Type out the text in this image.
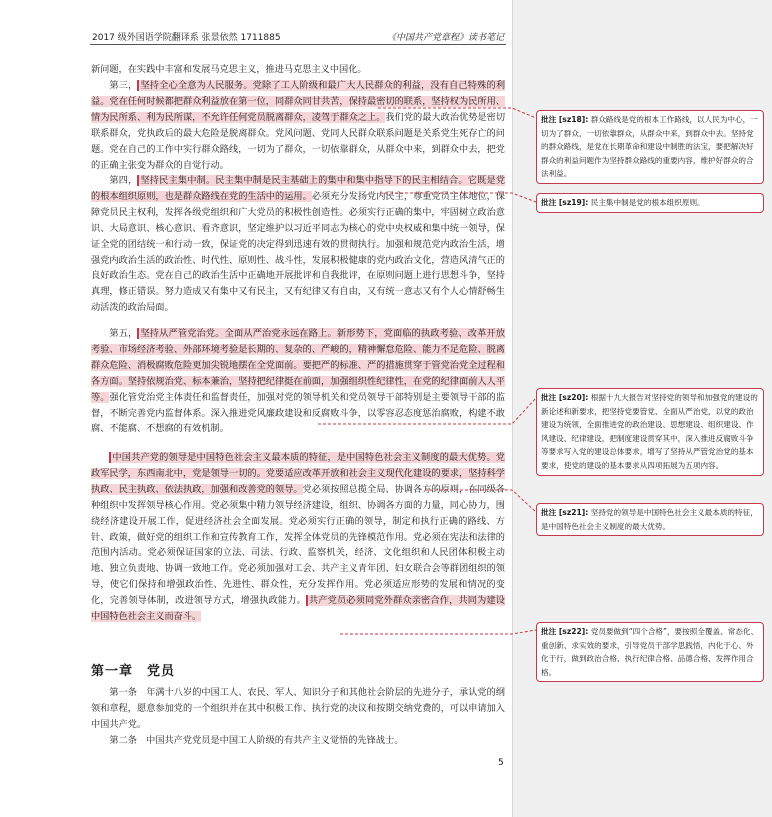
2017 级外国语学院翻译系 张景依然 1711885	《中国共产党章程》读书笔记

新问题，在实践中丰富和发展马克思主义，推进马克思主义中国化。

第三， 坚持全心全意为人民服务。党除了工人阶级和最广大人民群众的利益，没有自己特殊的利益。党在任何时候都把群众利益放在第一位，同群众同甘共苦，保持最密切的联系，坚持权为民所用、情为民所系、利为民所谋，不允许任何党员脱离群众，凌驾于群众之上。我们党的最大政治优势是密切联系群众，党执政后的最大危险是脱离群众。党风问题、党同人民群众联系问题是关系党生死存亡的问题。党在自己的工作中实行群众路线，一切为了群众，一切依靠群众，从群众中来，到群众中去，把党的正确主张变为群众的自觉行动。

第四， 坚持民主集中制。民主集中制是民主基础上的集中和集中指导下的民主相结合。它既是党的根本组织原则，也是群众路线在党的生活中的运用。必须充分发扬党内民主，尊重党员主体地位，保障党员民主权利，发挥各级党组织和广大党员的积极性创造性。必须实行正确的集中，牢固树立政治意识、大局意识、核心意识、看齐意识，坚定维护以习近平同志为核心的党中央权威和集中统一领导，保证全党的团结统一和行动一致，保证党的决定得到迅速有效的贯彻执行。加强和规范党内政治生活，增强党内政治生活的政治性、时代性、原则性、战斗性，发展积极健康的党内政治文化，营造风清气正的良好政治生态。党在自己的政治生活中正确地开展批评和自我批评，在原则问题上进行思想斗争，坚持真理，修正错误。努力造成又有集中又有民主，又有纪律又有自由，又有统一意志又有个人心情舒畅生动活泼的政治局面。

第五， 坚持从严管党治党。全面从严治党永远在路上。新形势下，党面临的执政考验、改革开放考验、市场经济考验、外部环境考验是长期的、复杂的、严峻的，精神懈怠危险、能力不足危险、脱离群众危险、消极腐败危险更加尖锐地摆在全党面前。要把严的标准、严的措施贯穿于管党治党全过程和各方面。坚持依规治党、标本兼治，坚持把纪律挺在前面，加强组织性纪律性，在党的纪律面前人人平等。强化管党治党主体责任和监督责任，加强对党的领导机关和党员领导干部特别是主要领导干部的监督，不断完善党内监督体系。深入推进党风廉政建设和反腐败斗争，以零容忍态度惩治腐败，构建不敢腐、不能腐、不想腐的有效机制。

中国共产党的领导是中国特色社会主义最本质的特征，是中国特色社会主义制度的最大优势。党政军民学，东西南北中，党是领导一切的。党要适应改革开放和社会主义现代化建设的要求，坚持科学执政、民主执政、依法执政，加强和改善党的领导。党必须按照总揽全局、协调各方的原则，在同级各种组织中发挥领导核心作用。党必须集中精力领导经济建设，组织、协调各方面的力量，同心协力，围绕经济建设开展工作，促进经济社会全面发展。党必须实行正确的领导，制定和执行正确的路线、方针、政策，做好党的组织工作和宣传教育工作，发挥全体党员的先锋模范作用。党必须在宪法和法律的范围内活动。党必须保证国家的立法、司法、行政、监察机关，经济、文化组织和人民团体积极主动地、独立负责地、协调一致地工作。党必须加强对工会、共产主义青年团、妇女联合会等群团组织的领导，使它们保持和增强政治性、先进性、群众性，充分发挥作用。党必须适应形势的发展和情况的变化，完善领导体制，改进领导方式，增强执政能力。 共产党员必须同党外群众亲密合作，共同为建设中国特色社会主义而奋斗。

第一章　党员

第一条　年满十八岁的中国工人、农民、军人、知识分子和其他社会阶层的先进分子，承认党的纲领和章程，愿意参加党的一个组织并在其中积极工作、执行党的决议和按期交纳党费的，可以申请加入中国共产党。

第二条　中国共产党党员是中国工人阶级的有共产主义觉悟的先锋战士。

5
批注 [sz18]: 群众路线是党的根本工作路线，以人民为中心，一切为了群众，一切依靠群众，从群众中来，到群众中去。坚持党的群众路线，是党在长期革命和建设中制胜的法宝，要把解决好群众的利益问题作为坚持群众路线的重要内容，维护好群众的合法利益。
批注 [sz19]: 民主集中制是党的根本组织原则。
批注 [sz20]: 根据十九大报告对坚持党的领导和加强党的建设的新论述和新要求，把坚持党要管党、全面从严治党，以党的政治建设为统领，全面推进党的政治建设、思想建设、组织建设、作风建设、纪律建设，把制度建设贯穿其中，深入推进反腐败斗争等要求写入党的建设总体要求，增写了坚持从严管党治党的基本要求，使党的建设的基本要求从四项拓展为五项内容。
批注 [sz21]: 坚持党的领导是中国特色社会主义最本质的特征，是中国特色社会主义制度的最大优势。
批注 [sz22]: 党员要做到“四个合格”，要按照全覆盖、常态化、重创新、求实效的要求，引导党员干部学思践悟，内化于心、外化于行，做到政治合格、执行纪律合格、品德合格、发挥作用合格。
